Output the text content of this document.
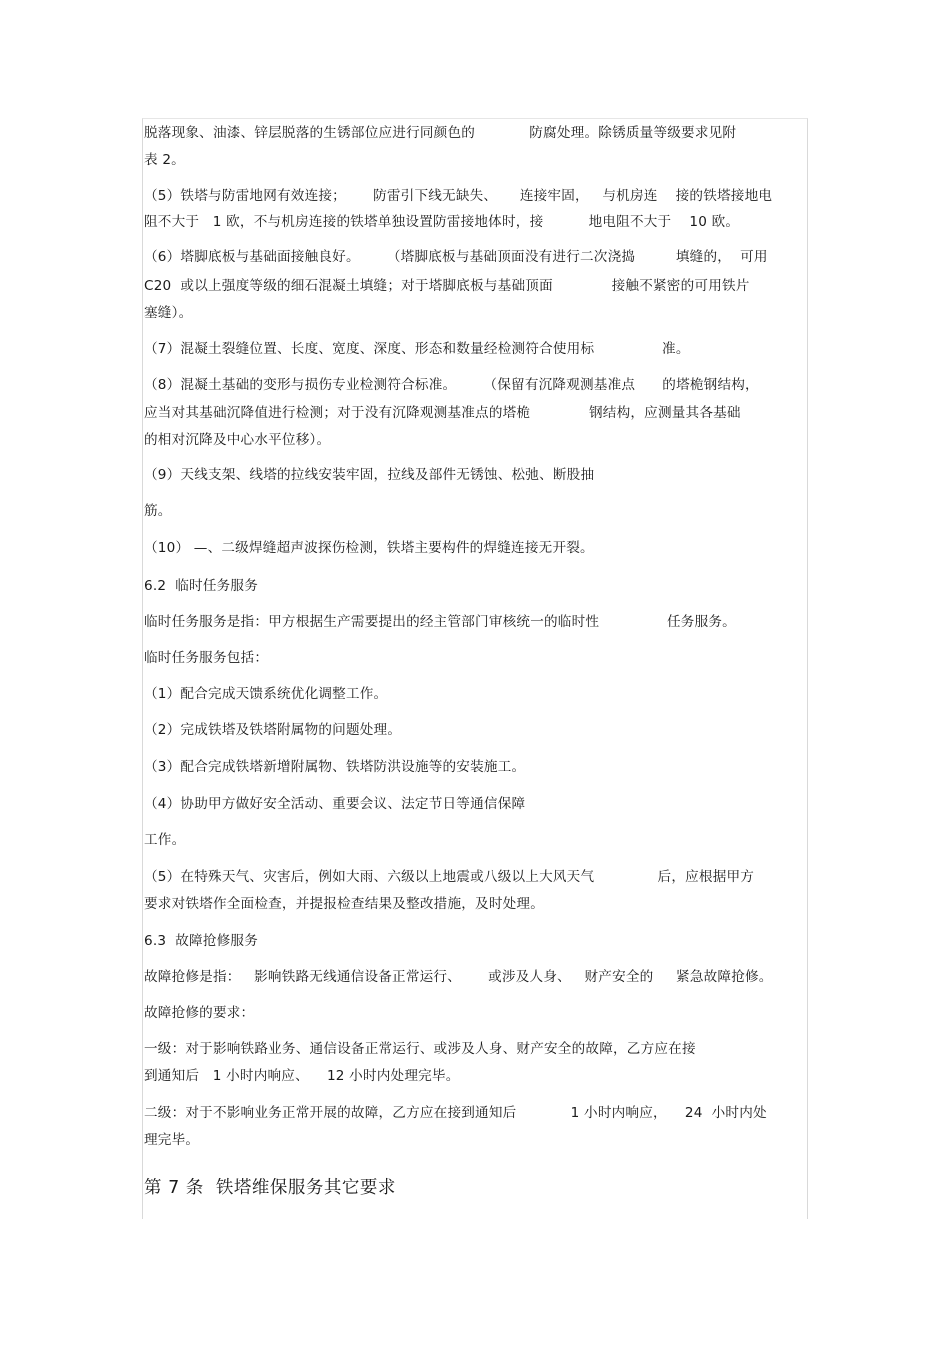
脱落现象、油漆、锌层脱落的生锈部位应进行同颜色的            防腐处理。除锈质量等级要求见附
表 2。
（5）铁塔与防雷地网有效连接；      防雷引下线无缺失、     连接牢固，   与机房连    接的铁塔接地电
阻不大于   1 欧，不与机房连接的铁塔单独设置防雷接地体时，接          地电阻不大于    10 欧。
（6）塔脚底板与基础面接触良好。      （塔脚底板与基础顶面没有进行二次浇捣         填缝的，  可用
C20  或以上强度等级的细石混凝土填缝；对于塔脚底板与基础顶面             接触不紧密的可用铁片
塞缝）。
（7）混凝土裂缝位置、长度、宽度、深度、形态和数量经检测符合使用标               准。
（8）混凝土基础的变形与损伤专业检测符合标准。      （保留有沉降观测基准点      的塔桅钢结构，
应当对其基础沉降值进行检测；对于没有沉降观测基准点的塔桅             钢结构，应测量其各基础
的相对沉降及中心水平位移）。
（9）天线支架、线塔的拉线安装牢固，拉线及部件无锈蚀、松弛、断股抽
筋。
（10） —、二级焊缝超声波探伤检测，铁塔主要构件的焊缝连接无开裂。
6.2  临时任务服务
临时任务服务是指：甲方根据生产需要提出的经主管部门审核统一的临时性               任务服务。
临时任务服务包括：
（1）配合完成天馈系统优化调整工作。
（2）完成铁塔及铁塔附属物的问题处理。
（3）配合完成铁塔新增附属物、铁塔防洪设施等的安装施工。
（4）协助甲方做好安全活动、重要会议、法定节日等通信保障
工作。
（5）在特殊天气、灾害后，例如大雨、六级以上地震或八级以上大风天气              后，应根据甲方
要求对铁塔作全面检查，并提报检查结果及整改措施，及时处理。
6.3  故障抢修服务
故障抢修是指：   影响铁路无线通信设备正常运行、      或涉及人身、   财产安全的     紧急故障抢修。
故障抢修的要求：
一级：对于影响铁路业务、通信设备正常运行、或涉及人身、财产安全的故障，乙方应在接
到通知后   1 小时内响应、    12 小时内处理完毕。
二级：对于不影响业务正常开展的故障，乙方应在接到通知后            1 小时内响应，    24  小时内处
理完毕。
第 7 条  铁塔维保服务其它要求
